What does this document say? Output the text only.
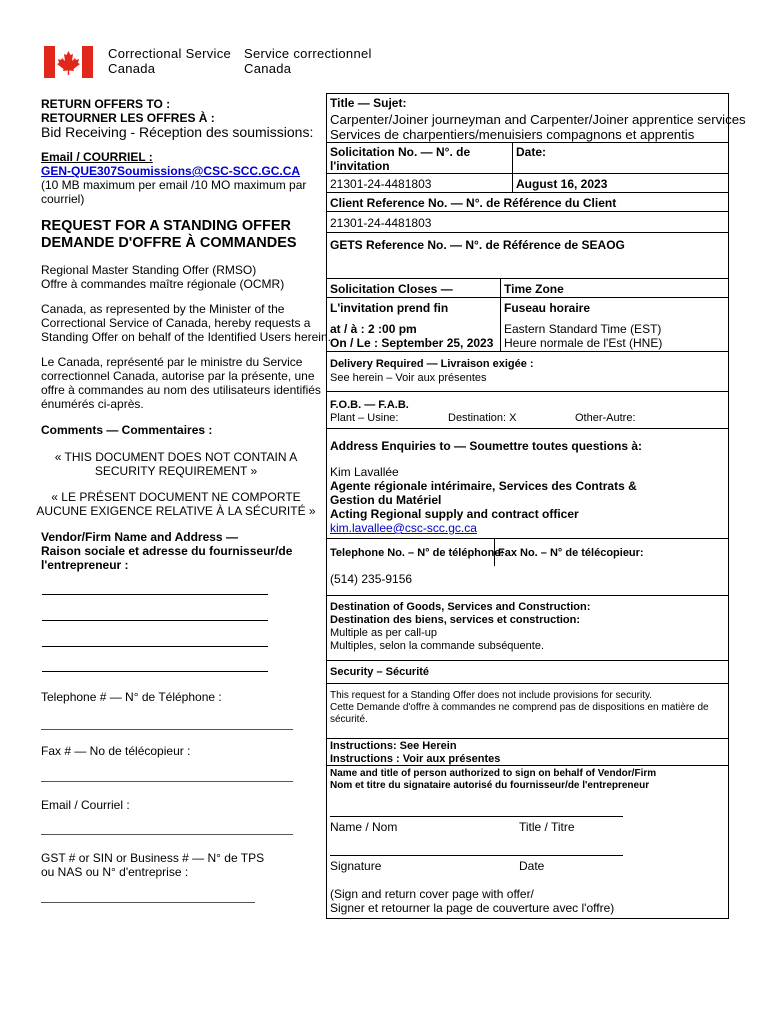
Correctional Service
Canada
Service correctionnel
Canada
RETURN OFFERS TO :
RETOURNER LES OFFRES À :
Bid Receiving - Réception des soumissions:
Email / COURRIEL :
GEN-QUE307Soumissions@CSC-SCC.GC.CA
(10 MB maximum per email /10 MO maximum par
courriel)
REQUEST FOR A STANDING OFFER
DEMANDE D'OFFRE À COMMANDES
Regional Master Standing Offer (RMSO)
Offre à commandes maître régionale (OCMR)
Canada, as represented by the Minister of the
Correctional Service of Canada, hereby requests a
Standing Offer on behalf of the Identified Users herein.
Le Canada, représenté par le ministre du Service
correctionnel Canada, autorise par la présente, une
offre à commandes au nom des utilisateurs identifiés
énumérés ci-après.
Comments — Commentaires :
« THIS DOCUMENT DOES NOT CONTAIN A
SECURITY REQUIREMENT »
« LE PRÉSENT DOCUMENT NE COMPORTE
AUCUNE EXIGENCE RELATIVE À LA SÉCURITÉ »
Vendor/Firm Name and Address —
Raison sociale et adresse du fournisseur/de
l'entrepreneur :
Telephone # — N° de Téléphone :
Fax # — No de télécopieur :
Email / Courriel :
GST # or SIN or Business # — N° de TPS
ou NAS ou N° d'entreprise :
Title — Sujet:
Carpenter/Joiner journeyman and Carpenter/Joiner apprentice services
Services de charpentiers/menuisiers compagnons et apprentis
Solicitation No. — N°. de
l'invitation
Date:
21301-24-4481803	August 16, 2023
Client Reference No. — N°. de Référence du Client
21301-24-4481803
GETS Reference No. — N°. de Référence de SEAOG
Solicitation Closes —	Time Zone
L'invitation prend fin	Fuseau horaire
at / à : 2 :00 pm
On / Le : September 25, 2023
Eastern Standard Time (EST)
Heure normale de l'Est (HNE)
Delivery Required — Livraison exigée :
See herein – Voir aux présentes
F.O.B. — F.A.B.
Plant – Usine:	Destination: X	Other-Autre:
Address Enquiries to — Soumettre toutes questions à:
Kim Lavallée
Agente régionale intérimaire, Services des Contrats &
Gestion du Matériel
Acting Regional supply and contract officer
kim.lavallee@csc-scc.gc.ca
Telephone No. – N° de téléphone:
Fax No. – N° de télécopieur:
(514) 235-9156
Destination of Goods, Services and Construction:
Destination des biens, services et construction:
Multiple as per call-up
Multiples, selon la commande subséquente.
Security – Sécurité
This request for a Standing Offer does not include provisions for security.
Cette Demande d'offre à commandes ne comprend pas de dispositions en matière de
sécurité.
Instructions: See Herein
Instructions : Voir aux présentes
Name and title of person authorized to sign on behalf of Vendor/Firm
Nom et titre du signataire autorisé du fournisseur/de l'entrepreneur
Name / Nom	Title / Titre
Signature	Date
(Sign and return cover page with offer/
Signer et retourner la page de couverture avec l'offre)
